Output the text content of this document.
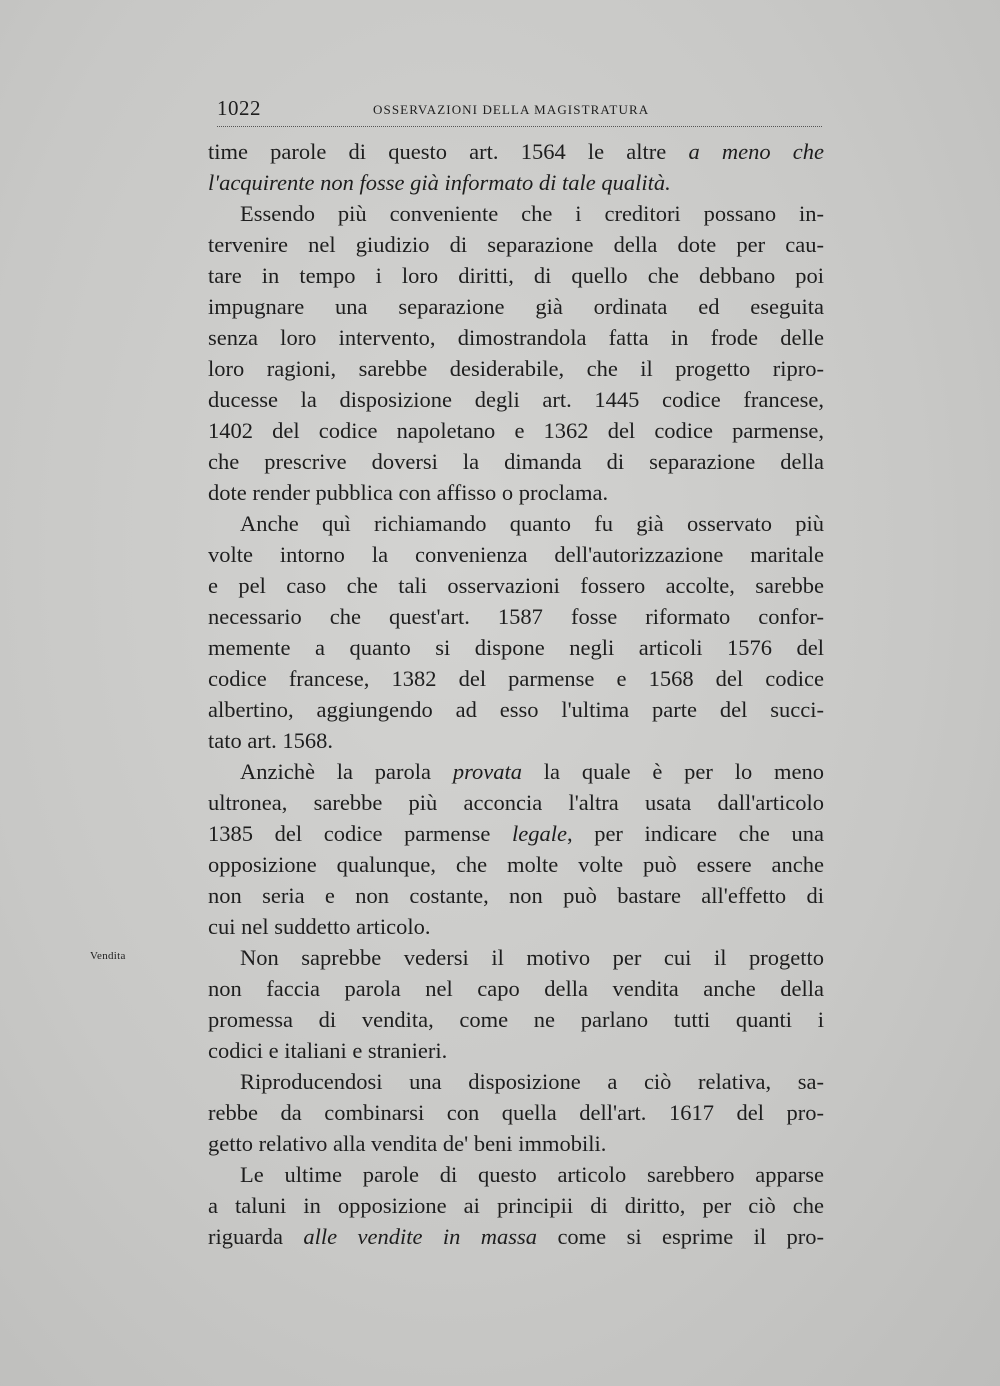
1022	OSSERVAZIONI DELLA MAGISTRATURA
Vendita
time parole di questo art. 1564 le altre a meno che
l'acquirente non fosse già informato di tale qualità.
Essendo più conveniente che i creditori possano in-
tervenire nel giudizio di separazione della dote per cau-
tare in tempo i loro diritti, di quello che debbano poi
impugnare una separazione già ordinata ed eseguita
senza loro intervento, dimostrandola fatta in frode delle
loro ragioni, sarebbe desiderabile, che il progetto ripro-
ducesse la disposizione degli art. 1445 codice francese,
1402 del codice napoletano e 1362 del codice parmense,
che prescrive doversi la dimanda di separazione della
dote render pubblica con affisso o proclama.
Anche quì richiamando quanto fu già osservato più
volte intorno la convenienza dell'autorizzazione maritale
e pel caso che tali osservazioni fossero accolte, sarebbe
necessario che quest'art. 1587 fosse riformato confor-
memente a quanto si dispone negli articoli 1576 del
codice francese, 1382 del parmense e 1568 del codice
albertino, aggiungendo ad esso l'ultima parte del succi-
tato art. 1568.
Anzichè la parola provata la quale è per lo meno
ultronea, sarebbe più acconcia l'altra usata dall'articolo
1385 del codice parmense legale, per indicare che una
opposizione qualunque, che molte volte può essere anche
non seria e non costante, non può bastare all'effetto di
cui nel suddetto articolo.
Non saprebbe vedersi il motivo per cui il progetto
non faccia parola nel capo della vendita anche della
promessa di vendita, come ne parlano tutti quanti i
codici e italiani e stranieri.
Riproducendosi una disposizione a ciò relativa, sa-
rebbe da combinarsi con quella dell'art. 1617 del pro-
getto relativo alla vendita de' beni immobili.
Le ultime parole di questo articolo sarebbero apparse
a taluni in opposizione ai principii di diritto, per ciò che
riguarda alle vendite in massa come si esprime il pro-
